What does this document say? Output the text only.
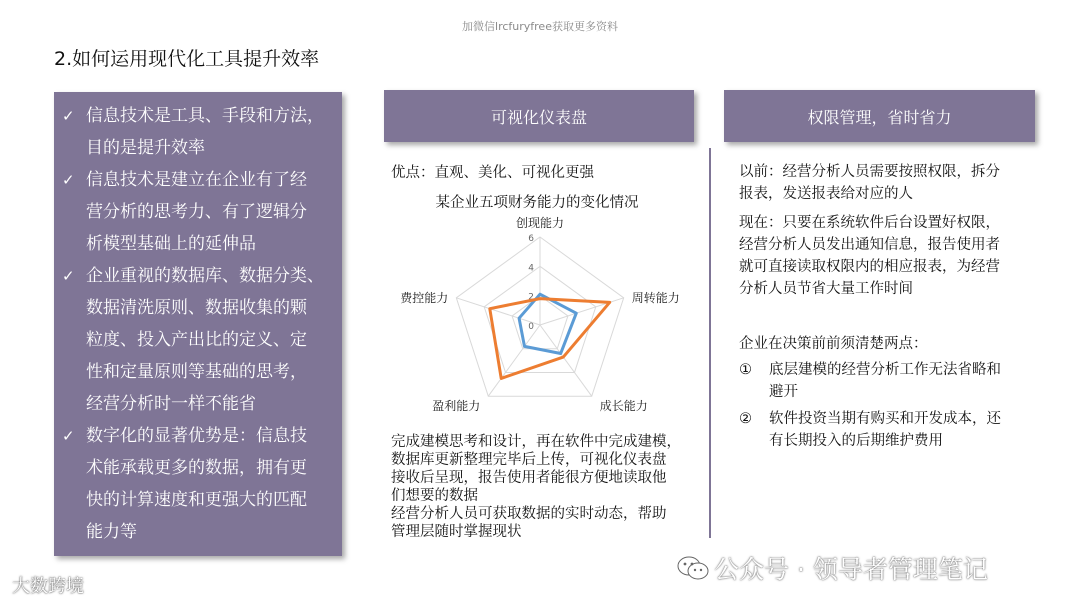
加微信lrcfuryfree获取更多资料
2.如何运用现代化工具提升效率
✓ 信息技术是工具、手段和方法，
目的是提升效率
✓ 信息技术是建立在企业有了经
营分析的思考力、有了逻辑分
析模型基础上的延伸品
✓ 企业重视的数据库、数据分类、
数据清洗原则、数据收集的颗
粒度、投入产出比的定义、定
性和定量原则等基础的思考，
经营分析时一样不能省
✓ 数字化的显著优势是：信息技
术能承载更多的数据，拥有更
快的计算速度和更强大的匹配
能力等
可视化仪表盘	权限管理，省时省力
优点：直观、美化、可视化更强
某企业五项财务能力的变化情况
0
2
4
6
创现能力
周转能力
成长能力
盈利能力
费控能力
完成建模思考和设计，再在软件中完成建模，
数据库更新整理完毕后上传，可视化仪表盘
接收后呈现，报告使用者能很方便地读取他
们想要的数据
经营分析人员可获取数据的实时动态，帮助
管理层随时掌握现状
以前：经营分析人员需要按照权限，拆分
报表，发送报表给对应的人
现在：只要在系统软件后台设置好权限，
经营分析人员发出通知信息，报告使用者
就可直接读取权限内的相应报表，为经营
分析人员节省大量工作时间
企业在决策前前须清楚两点：
①	底层建模的经营分析工作无法省略和
避开
②	软件投资当期有购买和开发成本，还
有长期投入的后期维护费用
大数跨境
公众号 · 领导者管理笔记
